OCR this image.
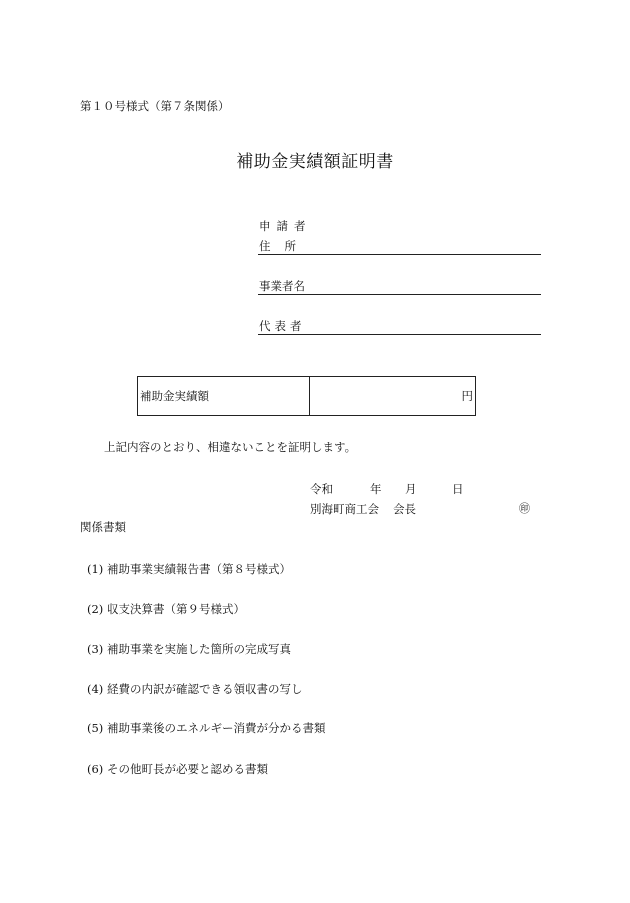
第１０号様式（第７条関係）
補助金実績額証明書
申請者
住所
事業者名
代表者
補助金実績額	円
上記内容のとおり、相違ないことを証明します。
令和	年 月	日
別海町商工会 会長	㊞
関係書類
(1) 補助事業実績報告書（第８号様式）
(2) 収支決算書（第９号様式）
(3) 補助事業を実施した箇所の完成写真
(4) 経費の内訳が確認できる領収書の写し
(5) 補助事業後のエネルギー消費が分かる書類
(6) その他町長が必要と認める書類
